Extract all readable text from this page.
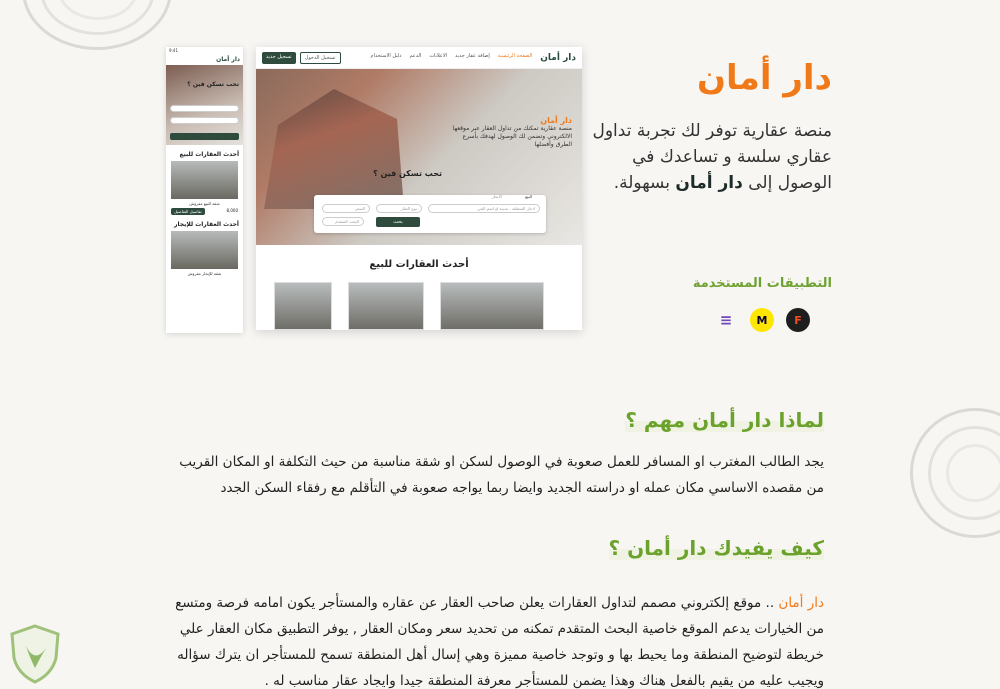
9:41
دار أمان
تحب تسكن فين ؟
أحدث العقارات للبيع
شقة للبيع مفروش
تفاصيل التفاصيل	8,000
أحدث العقارات للإيجار
شقة للإيجار مفروش
تسجيل جديد	تسجيل الدخول	دار أمان
الصفحة الرئيسية
إضافة عقار جديد
الاعلانات
الدعم
دليل الاستخدام
دار أمان
منصة عقارية تمكنك من تداول العقار عبر موقعها الالكتروني وتضمن لك الوصول لهدفك بأسرع الطرق وأفضلها
تحب تسكن فين ؟
البيع
الايجار
ادخل المنطقة ، مدينة او اسم الحي
نوع العقار
السعر
بحث
البحث المتقدم
أحدث العقارات للبيع
دار أمان
منصة عقارية توفر لك تجربة تداول عقاري سلسة و تساعدك في الوصول إلى دار أمان بسهولة.
التطبيقات المستخدمة
≡	M	F
لماذا دار أمان مهم ؟
يجد الطالب المغترب او المسافر للعمل صعوبة في الوصول لسكن او شقة مناسبة من حيث التكلفة او المكان القريب من مقصده الاساسي مكان عمله او دراسته الجديد وايضا ربما يواجه صعوبة في التأقلم مع رفقاء السكن الجدد
كيف يفيدك دار أمان ؟
دار أمان .. موقع إلكتروني مصمم لتداول العقارات يعلن صاحب العقار عن عقاره والمستأجر يكون امامه فرصة ومتسع من الخيارات يدعم الموقع خاصية البحث المتقدم تمكنه من تحديد سعر ومكان العقار , يوفر التطبيق مكان العقار علي خريطة لتوضيح المنطقة وما يحيط بها و وتوجد خاصية مميزة وهي إسال أهل المنطقة تسمح للمستأجر ان يترك سؤاله ويجيب عليه من يقيم بالفعل هناك وهذا يضمن للمستأجر معرفة المنطقة جيدا وايجاد عقار مناسب له .
